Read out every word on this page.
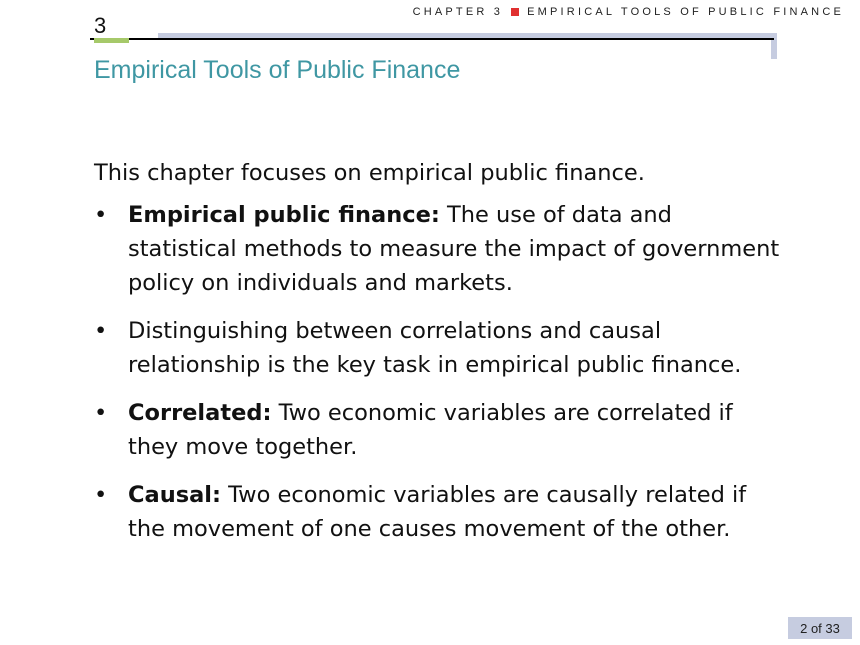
CHAPTER 3 EMPIRICAL TOOLS OF PUBLIC FINANCE
3
Empirical Tools of Public Finance

This chapter focuses on empirical public finance.

• Empirical public finance: The use of data and statistical methods to measure the impact of government policy on individuals and markets.
• Distinguishing between correlations and causal relationship is the key task in empirical public finance.
• Correlated: Two economic variables are correlated if they move together.
• Causal: Two economic variables are causally related if the movement of one causes movement of the other.
2 of 33
